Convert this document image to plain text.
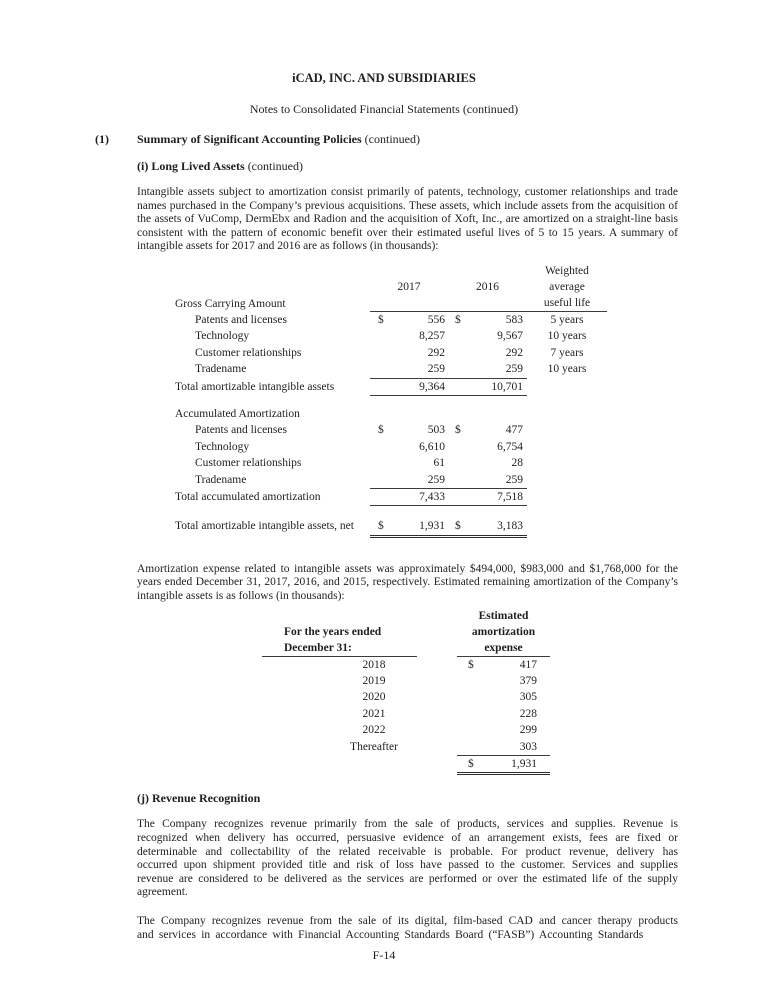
iCAD, INC. AND SUBSIDIARIES
Notes to Consolidated Financial Statements (continued)
(1) Summary of Significant Accounting Policies (continued)
(i) Long Lived Assets (continued)

Intangible assets subject to amortization consist primarily of patents, technology, customer relationships and trade names purchased in the Company’s previous acquisitions. These assets, which include assets from the acquisition of the assets of VuComp, DermEbx and Radion and the acquisition of Xoft, Inc., are amortized on a straight-line basis consistent with the pattern of economic benefit over their estimated useful lives of 5 to 15 years. A summary of intangible assets for 2017 and 2016 are as follows (in thousands):

Gross Carrying Amount
2017	2016
Weighted
average
useful life
Patents and licenses	$	556 $	583	5 years
Technology	8,257	9,567	10 years
Customer relationships	292	292	7 years
Tradename	259	259	10 years
Total amortizable intangible assets	9,364	10,701
Accumulated Amortization
Patents and licenses	$	503 $	477
Technology	6,610	6,754
Customer relationships	61	28
Tradename	259	259
Total accumulated amortization	7,433	7,518
Total amortizable intangible assets, net	$	1,931 $	3,183

Amortization expense related to intangible assets was approximately $494,000, $983,000 and $1,768,000 for the years ended December 31, 2017, 2016, and 2015, respectively. Estimated remaining amortization of the Company’s intangible assets is as follows (in thousands):

For the years ended
December 31:
Estimated
amortization
expense
2018	$	417
2019	379
2020	305
2021	228
2022	299
Thereafter	303
$	1,931
(j) Revenue Recognition

The Company recognizes revenue primarily from the sale of products, services and supplies. Revenue is recognized when delivery has occurred, persuasive evidence of an arrangement exists, fees are fixed or determinable and collectability of the related receivable is probable. For product revenue, delivery has occurred upon shipment provided title and risk of loss have passed to the customer. Services and supplies revenue are considered to be delivered as the services are performed or over the estimated life of the supply agreement.

The Company recognizes revenue from the sale of its digital, film-based CAD and cancer therapy products and services in accordance with Financial Accounting Standards Board (“FASB”) Accounting Standards

F-14
